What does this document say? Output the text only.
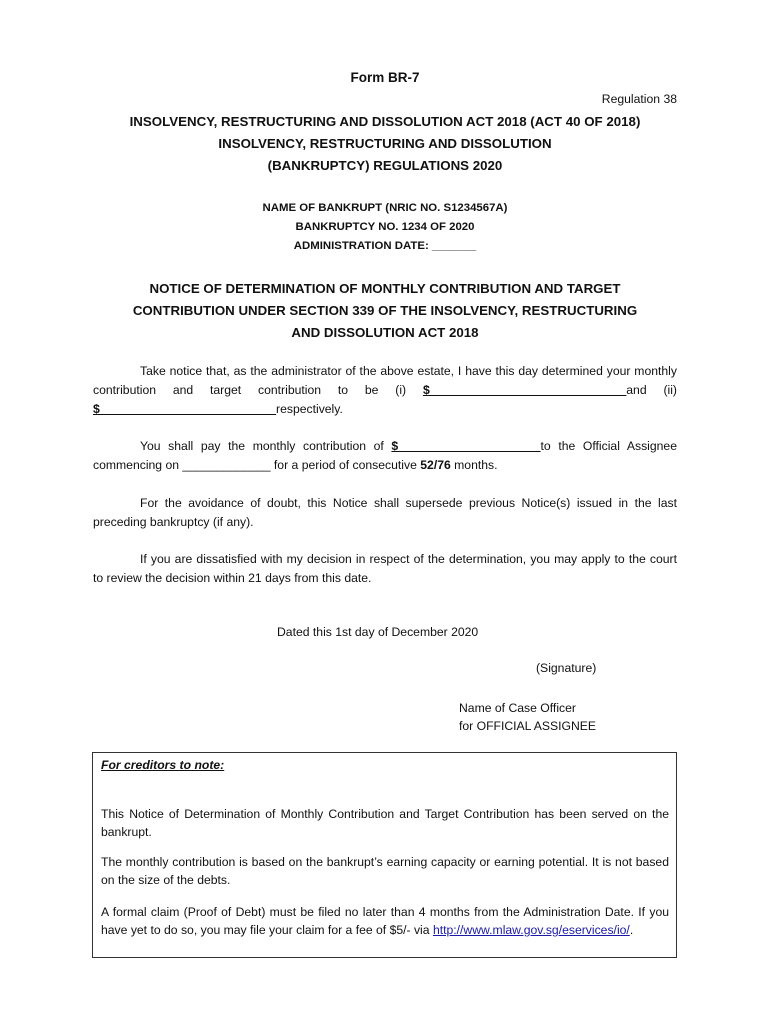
Form BR-7
Regulation 38
INSOLVENCY, RESTRUCTURING AND DISSOLUTION ACT 2018 (ACT 40 OF 2018)
INSOLVENCY, RESTRUCTURING AND DISSOLUTION
(BANKRUPTCY) REGULATIONS 2020
NAME OF BANKRUPT (NRIC NO. S1234567A)
BANKRUPTCY NO. 1234 OF 2020
ADMINISTRATION DATE: _______
NOTICE OF DETERMINATION OF MONTHLY CONTRIBUTION AND TARGET
CONTRIBUTION UNDER SECTION 339 OF THE INSOLVENCY, RESTRUCTURING
AND DISSOLUTION ACT 2018
Take notice that, as the administrator of the above estate, I have this day determined your monthly contribution and target contribution to be (i) $_____________________________and (ii) $__________________________respectively.
You shall pay the monthly contribution of $_____________________to the Official Assignee commencing on _____________ for a period of consecutive 52/76 months.
For the avoidance of doubt, this Notice shall supersede previous Notice(s) issued in the last preceding bankruptcy (if any).
If you are dissatisfied with my decision in respect of the determination, you may apply to the court to review the decision within 21 days from this date.
Dated this 1st day of December 2020
(Signature)
Name of Case Officer
for OFFICIAL ASSIGNEE
For creditors to note:
This Notice of Determination of Monthly Contribution and Target Contribution has been served on the bankrupt.
The monthly contribution is based on the bankrupt’s earning capacity or earning potential. It is not based on the size of the debts.
A formal claim (Proof of Debt) must be filed no later than 4 months from the Administration Date. If you have yet to do so, you may file your claim for a fee of $5/- via http://www.mlaw.gov.sg/eservices/io/.
